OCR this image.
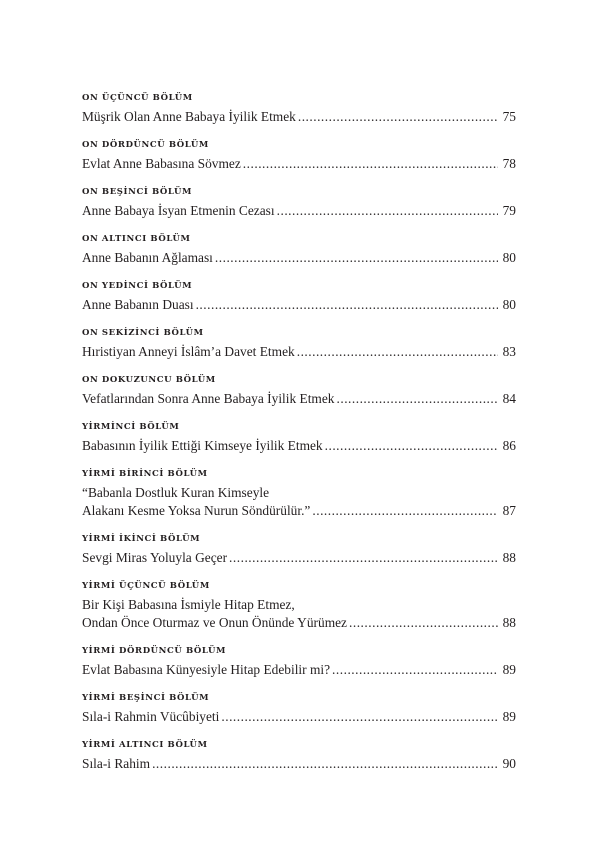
ON ÜÇÜNCÜ BÖLÜM
Müşrik Olan Anne Babaya İyilik Etmek .....	75
ON DÖRDÜNCÜ BÖLÜM
Evlat Anne Babasına Sövmez .....	78
ON BEŞİNCİ BÖLÜM
Anne Babaya İsyan Etmenin Cezası .....	79
ON ALTINCI BÖLÜM
Anne Babanın Ağlaması .....	80
ON YEDİNCİ BÖLÜM
Anne Babanın Duası .....	80
ON SEKİZİNCİ BÖLÜM
Hıristiyan Anneyi İslâm’a Davet Etmek .....	83
ON DOKUZUNCU BÖLÜM
Vefatlarından Sonra Anne Babaya İyilik Etmek .....	84
YİRMİNCİ BÖLÜM
Babasının İyilik Ettiği Kimseye İyilik Etmek .....	86
YİRMİ BİRİNCİ BÖLÜM
“Babanla Dostluk Kuran Kimseyle
Alakanı Kesme Yoksa Nurun Söndürülür.” .....	87
YİRMİ İKİNCİ BÖLÜM
Sevgi Miras Yoluyla Geçer .....	88
YİRMİ ÜÇÜNCÜ BÖLÜM
Bir Kişi Babasına İsmiyle Hitap Etmez,
Ondan Önce Oturmaz ve Onun Önünde Yürümez .....	88
YİRMİ DÖRDÜNCÜ BÖLÜM
Evlat Babasına Künyesiyle Hitap Edebilir mi? .....	89
YİRMİ BEŞİNCİ BÖLÜM
Sıla-i Rahmin Vücûbiyeti .....	89
YİRMİ ALTINCI BÖLÜM
Sıla-i Rahim .....	90
